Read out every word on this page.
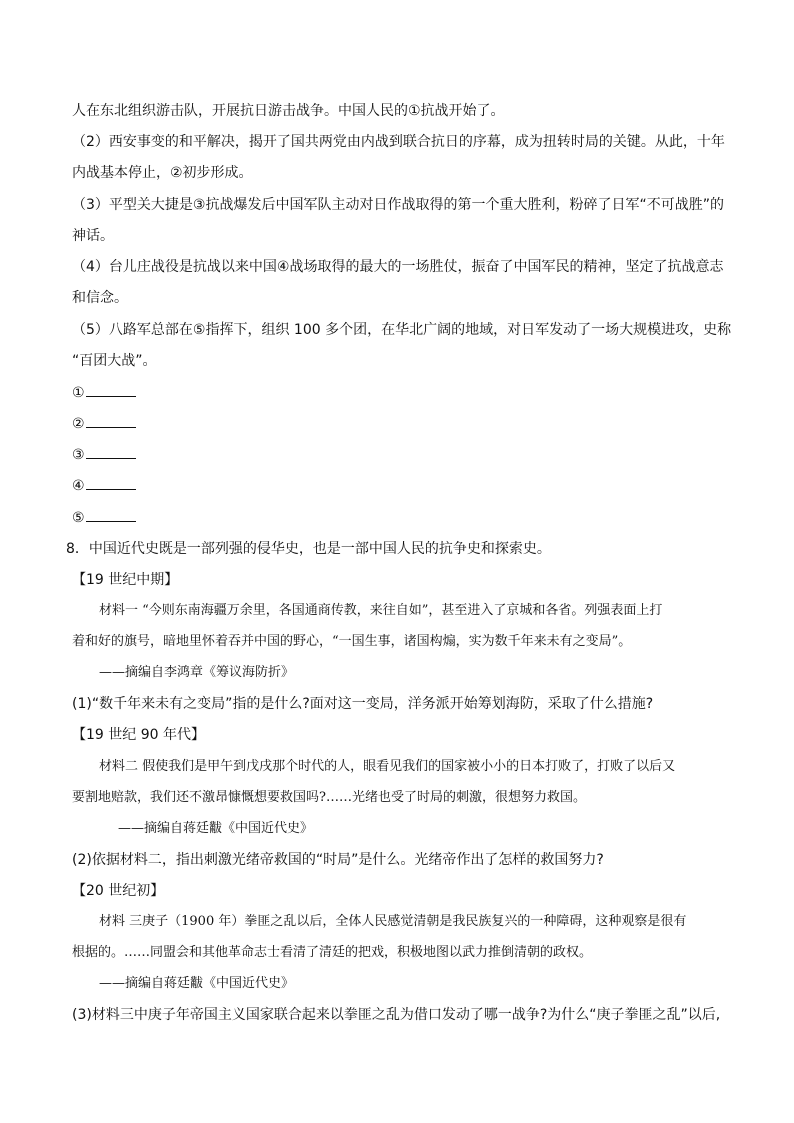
人在东北组织游击队，开展抗日游击战争。中国人民的①抗战开始了。
（2）西安事变的和平解决，揭开了国共两党由内战到联合抗日的序幕，成为扭转时局的关键。从此，十年
内战基本停止，②初步形成。
（3）平型关大捷是③抗战爆发后中国军队主动对日作战取得的第一个重大胜利，粉碎了日军“不可战胜”的
神话。
（4）台儿庄战役是抗战以来中国④战场取得的最大的一场胜仗，振奋了中国军民的精神，坚定了抗战意志
和信念。
（5）八路军总部在⑤指挥下，组织 100 多个团，在华北广阔的地域，对日军发动了一场大规模进攻，史称
“百团大战”。
①
②
③
④
⑤
8．中国近代史既是一部列强的侵华史，也是一部中国人民的抗争史和探索史。
【19 世纪中期】
材料一 “今则东南海疆万余里，各国通商传教，来往自如”，甚至进入了京城和各省。列强表面上打
着和好的旗号，暗地里怀着吞并中国的野心，“一国生事，诸国构煽，实为数千年来未有之变局”。
——摘编自李鸿章《筹议海防折》
(1)“数千年来未有之变局”指的是什么?面对这一变局，洋务派开始筹划海防，采取了什么措施?
【19 世纪 90 年代】
材料二 假使我们是甲午到戊戌那个时代的人，眼看见我们的国家被小小的日本打败了，打败了以后又
要割地赔款，我们还不激昂慷慨想要救国吗?……光绪也受了时局的刺激，很想努力救国。
——摘编自蒋廷黻《中国近代史》
(2)依据材料二，指出刺激光绪帝救国的“时局”是什么。光绪帝作出了怎样的救国努力?
【20 世纪初】
材料 三庚子（1900 年）拳匪之乱以后，全体人民感觉清朝是我民族复兴的一种障碍，这种观察是很有
根据的。……同盟会和其他革命志士看清了清廷的把戏，积极地图以武力推倒清朝的政权。
——摘编自蒋廷黻《中国近代史》
(3)材料三中庚子年帝国主义国家联合起来以拳匪之乱为借口发动了哪一战争?为什么“庚子拳匪之乱”以后,
